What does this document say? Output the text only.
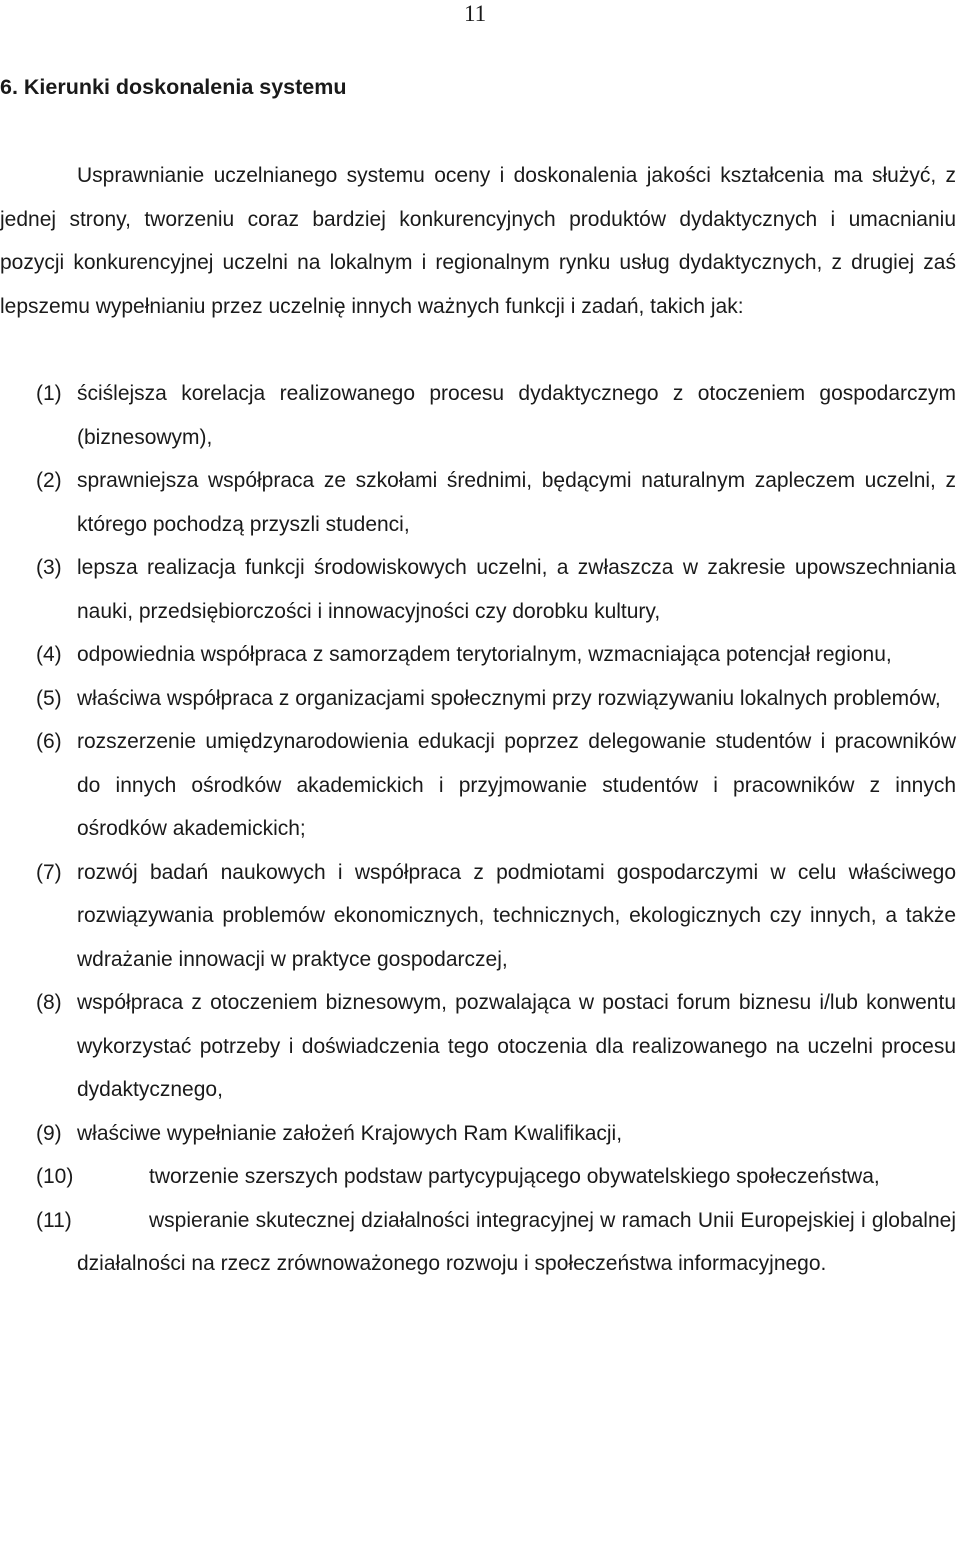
11
6. Kierunki doskonalenia systemu

Usprawnianie uczelnianego systemu oceny i doskonalenia jakości kształcenia ma służyć, z jednej strony, tworzeniu coraz bardziej konkurencyjnych produktów dydaktycznych i umacnianiu pozycji konkurencyjnej uczelni na lokalnym i regionalnym rynku usług dydaktycznych, z drugiej zaś lepszemu wypełnianiu przez uczelnię innych ważnych funkcji i zadań, takich jak:

(1) ściślejsza korelacja realizowanego procesu dydaktycznego z otoczeniem gospodarczym (biznesowym),
(2) sprawniejsza współpraca ze szkołami średnimi, będącymi naturalnym zapleczem uczelni, z którego pochodzą przyszli studenci,
(3) lepsza realizacja funkcji środowiskowych uczelni, a zwłaszcza w zakresie upowszechniania nauki, przedsiębiorczości i innowacyjności czy dorobku kultury,
(4) odpowiednia współpraca z samorządem terytorialnym, wzmacniająca potencjał regionu,
(5) właściwa współpraca z organizacjami społecznymi przy rozwiązywaniu lokalnych problemów,
(6) rozszerzenie umiędzynarodowienia edukacji poprzez delegowanie studentów i pracowników do innych ośrodków akademickich i przyjmowanie studentów i pracowników z innych ośrodków akademickich;
(7) rozwój badań naukowych i współpraca z podmiotami gospodarczymi w celu właściwego rozwiązywania problemów ekonomicznych, technicznych, ekologicznych czy innych, a także wdrażanie innowacji w praktyce gospodarczej,
(8) współpraca z otoczeniem biznesowym, pozwalająca w postaci forum biznesu i/lub konwentu wykorzystać potrzeby i doświadczenia tego otoczenia dla realizowanego na uczelni procesu dydaktycznego,
(9) właściwe wypełnianie założeń Krajowych Ram Kwalifikacji,
(10)	tworzenie szerszych podstaw partycypującego obywatelskiego społeczeństwa,
(11)	wspieranie skutecznej działalności integracyjnej w ramach Unii Europejskiej i globalnej działalności na rzecz zrównoważonego rozwoju i społeczeństwa informacyjnego.
